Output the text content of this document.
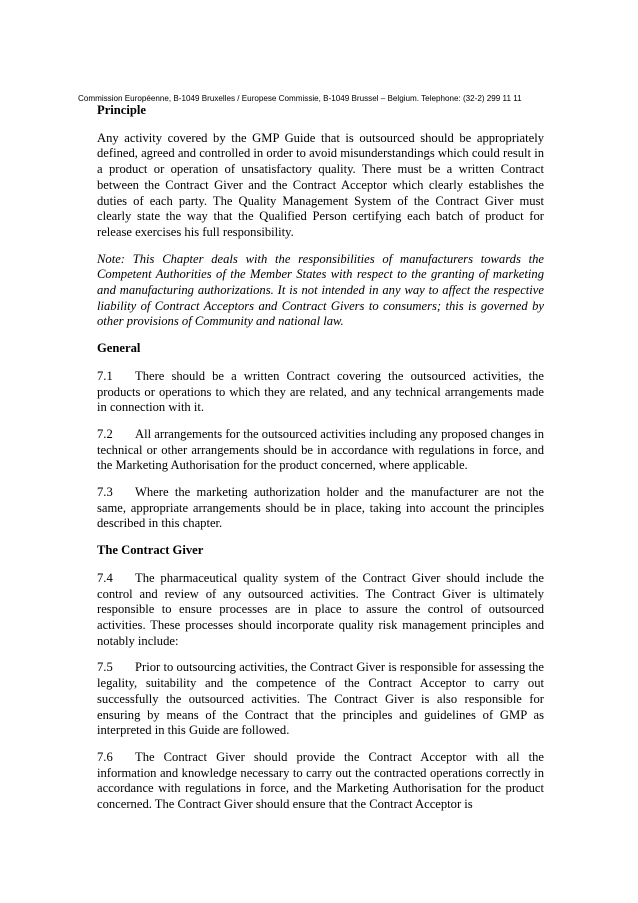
Commission Européenne, B-1049 Bruxelles / Europese Commissie, B-1049 Brussel – Belgium. Telephone: (32-2) 299 11 11
Principle

Any activity covered by the GMP Guide that is outsourced should be appropriately defined, agreed and controlled in order to avoid misunderstandings which could result in a product or operation of unsatisfactory quality. There must be a written Contract between the Contract Giver and the Contract Acceptor which clearly establishes the duties of each party. The Quality Management System of the Contract Giver must clearly state the way that the Qualified Person certifying each batch of product for release exercises his full responsibility.

Note: This Chapter deals with the responsibilities of manufacturers towards the Competent Authorities of the Member States with respect to the granting of marketing and manufacturing authorizations. It is not intended in any way to affect the respective liability of Contract Acceptors and Contract Givers to consumers; this is governed by other provisions of Community and national law.

General

7.1 There should be a written Contract covering the outsourced activities, the products or operations to which they are related, and any technical arrangements made in connection with it.

7.2 All arrangements for the outsourced activities including any proposed changes in technical or other arrangements should be in accordance with regulations in force, and the Marketing Authorisation for the product concerned, where applicable.

7.3 Where the marketing authorization holder and the manufacturer are not the same, appropriate arrangements should be in place, taking into account the principles described in this chapter.

The Contract Giver

7.4 The pharmaceutical quality system of the Contract Giver should include the control and review of any outsourced activities. The Contract Giver is ultimately responsible to ensure processes are in place to assure the control of outsourced activities. These processes should incorporate quality risk management principles and notably include:

7.5 Prior to outsourcing activities, the Contract Giver is responsible for assessing the legality, suitability and the competence of the Contract Acceptor to carry out successfully the outsourced activities. The Contract Giver is also responsible for ensuring by means of the Contract that the principles and guidelines of GMP as interpreted in this Guide are followed.

7.6 The Contract Giver should provide the Contract Acceptor with all the information and knowledge necessary to carry out the contracted operations correctly in accordance with regulations in force, and the Marketing Authorisation for the product concerned. The Contract Giver should ensure that the Contract Acceptor is
